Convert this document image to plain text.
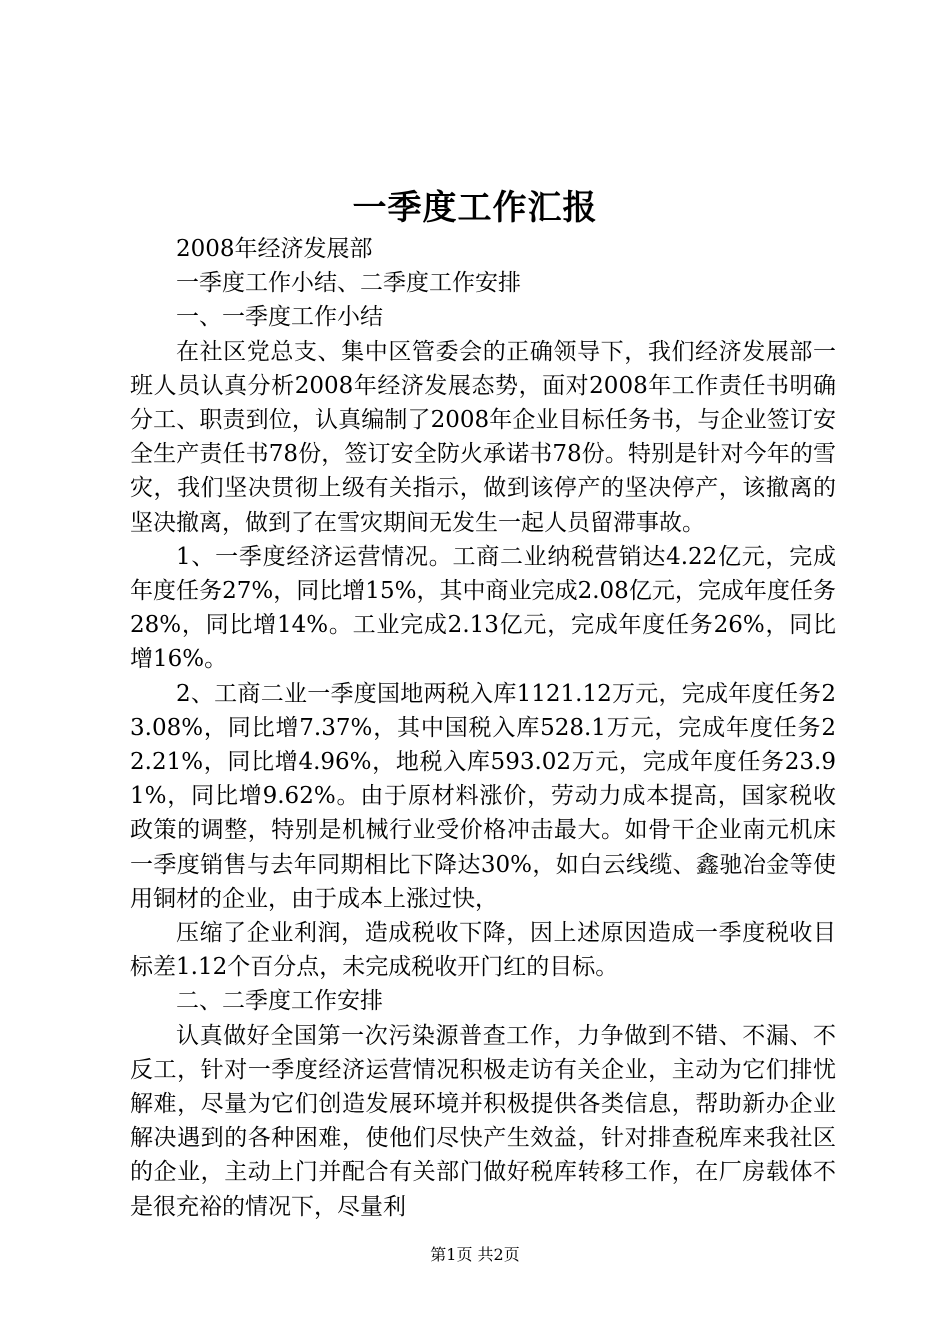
一季度工作汇报

2008年经济发展部

一季度工作小结、二季度工作安排

一、一季度工作小结

在社区党总支、集中区管委会的正确领导下，我们经济发展部一班人员认真分析2008年经济发展态势，面对2008年工作责任书明确分工、职责到位，认真编制了2008年企业目标任务书，与企业签订安全生产责任书78份，签订安全防火承诺书78份。特别是针对今年的雪灾，我们坚决贯彻上级有关指示，做到该停产的坚决停产，该撤离的坚决撤离，做到了在雪灾期间无发生一起人员留滞事故。

1、一季度经济运营情况。工商二业纳税营销达4.22亿元，完成年度任务27%，同比增15%，其中商业完成2.08亿元，完成年度任务28%，同比增14%。工业完成2.13亿元，完成年度任务26%，同比增16%。

2、工商二业一季度国地两税入库1121.12万元，完成年度任务23.08%，同比增7.37%，其中国税入库528.1万元，完成年度任务22.21%，同比增4.96%，地税入库593.02万元，完成年度任务23.91%，同比增9.62%。由于原材料涨价，劳动力成本提高，国家税收政策的调整，特别是机械行业受价格冲击最大。如骨干企业南元机床一季度销售与去年同期相比下降达30%，如白云线缆、鑫驰冶金等使用铜材的企业，由于成本上涨过快，

压缩了企业利润，造成税收下降，因上述原因造成一季度税收目标差1.12个百分点，未完成税收开门红的目标。

二、二季度工作安排

认真做好全国第一次污染源普查工作，力争做到不错、不漏、不反工，针对一季度经济运营情况积极走访有关企业，主动为它们排忧解难，尽量为它们创造发展环境并积极提供各类信息，帮助新办企业解决遇到的各种困难，使他们尽快产生效益，针对排查税库来我社区的企业，主动上门并配合有关部门做好税库转移工作，在厂房载体不是很充裕的情况下，尽量利

第1页 共2页
